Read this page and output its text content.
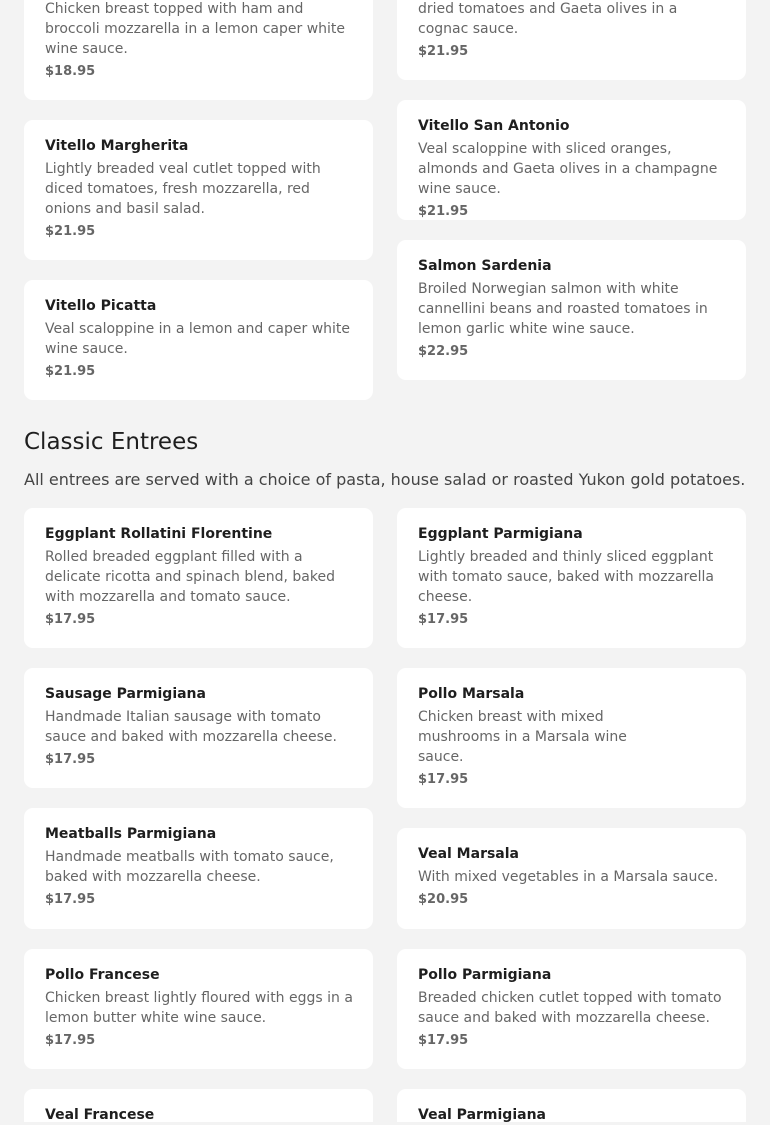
Chicken breast topped with ham and broccoli mozzarella in a lemon caper white wine sauce.
$18.95
dried tomatoes and Gaeta olives in a cognac sauce.
$21.95
Vitello Margherita
Lightly breaded veal cutlet topped with diced tomatoes, fresh mozzarella, red onions and basil salad.
$21.95
Vitello San Antonio
Veal scaloppine with sliced oranges, almonds and Gaeta olives in a champagne wine sauce.
$21.95
Vitello Picatta
Veal scaloppine in a lemon and caper white wine sauce.
$21.95
Salmon Sardenia
Broiled Norwegian salmon with white cannellini beans and roasted tomatoes in lemon garlic white wine sauce.
$22.95
Classic Entrees

All entrees are served with a choice of pasta, house salad or roasted Yukon gold potatoes.

Eggplant Rollatini Florentine
Rolled breaded eggplant filled with a delicate ricotta and spinach blend, baked with mozzarella and tomato sauce.
$17.95
Eggplant Parmigiana
Lightly breaded and thinly sliced eggplant with tomato sauce, baked with mozzarella cheese.
$17.95
Sausage Parmigiana
Handmade Italian sausage with tomato sauce and baked with mozzarella cheese.
$17.95
Pollo Marsala
Chicken breast with mixed mushrooms in a Marsala wine sauce.
$17.95
Meatballs Parmigiana
Handmade meatballs with tomato sauce, baked with mozzarella cheese.
$17.95
Veal Marsala
With mixed vegetables in a Marsala sauce.
$20.95
Pollo Francese
Chicken breast lightly floured with eggs in a lemon butter white wine sauce.
$17.95
Pollo Parmigiana
Breaded chicken cutlet topped with tomato sauce and baked with mozzarella cheese.
$17.95
Veal Francese	Veal Parmigiana
